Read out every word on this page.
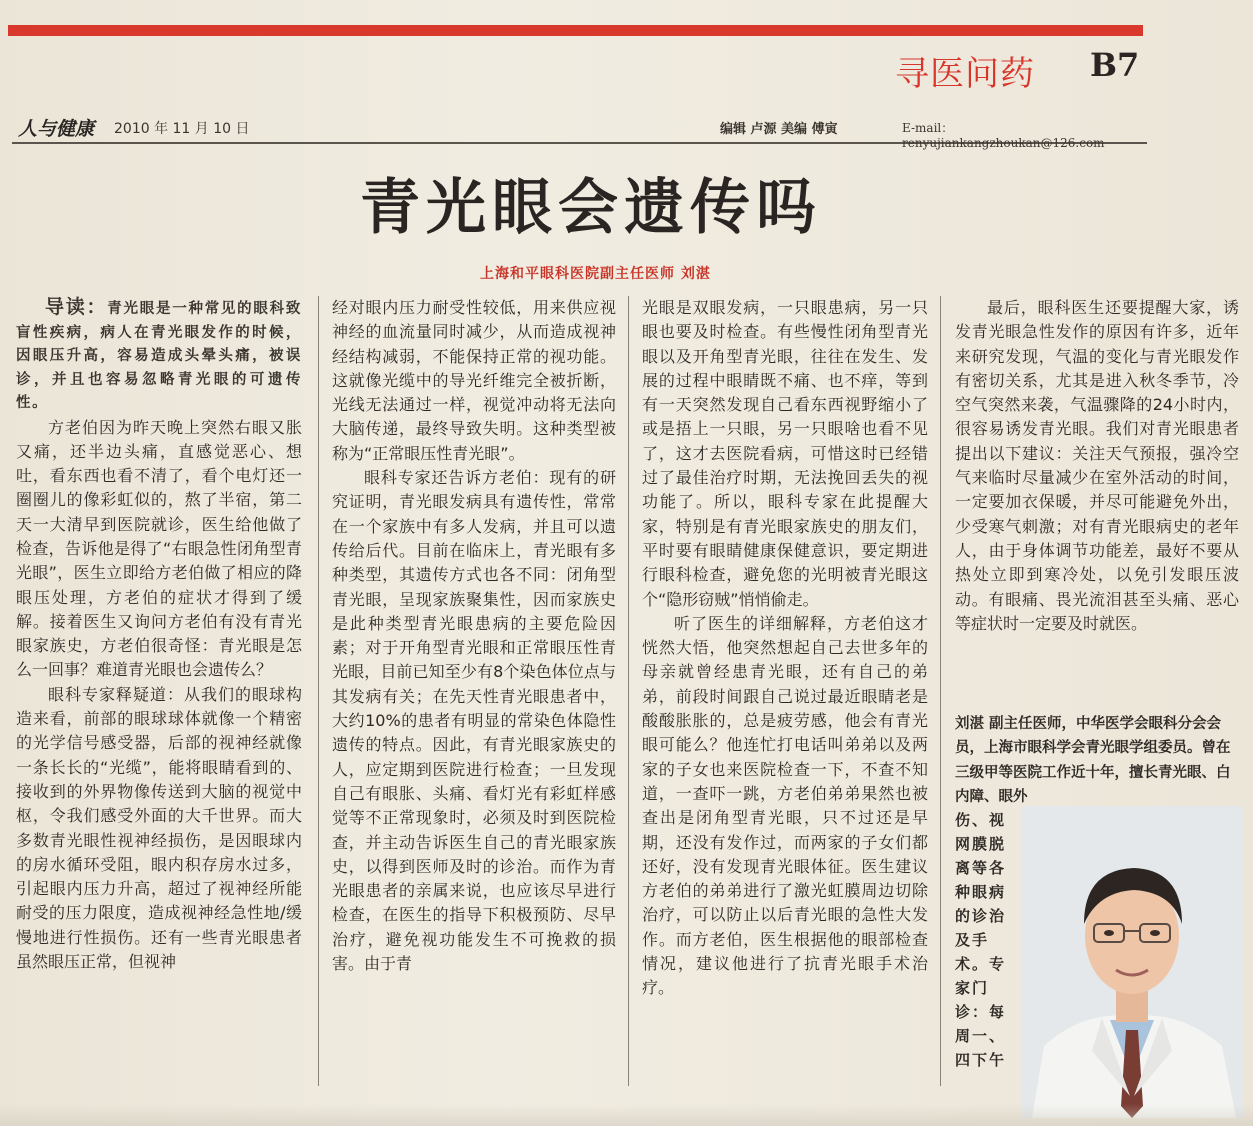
寻医问药 B7
人与健康 2010 年 11 月 10 日	编辑 卢源 美编 傅寅	E-mail：renyujiankangzhoukan@126.com
青光眼会遗传吗
上海和平眼科医院副主任医师 刘湛

导读：青光眼是一种常见的眼科致盲性疾病，病人在青光眼发作的时候，因眼压升高，容易造成头晕头痛，被误诊，并且也容易忽略青光眼的可遗传性。

方老伯因为昨天晚上突然右眼又胀又痛，还半边头痛，直感觉恶心、想吐，看东西也看不清了，看个电灯还一圈圈儿的像彩虹似的，熬了半宿，第二天一大清早到医院就诊，医生给他做了检查，告诉他是得了“右眼急性闭角型青光眼”，医生立即给方老伯做了相应的降眼压处理，方老伯的症状才得到了缓解。接着医生又询问方老伯有没有青光眼家族史，方老伯很奇怪：青光眼是怎么一回事？难道青光眼也会遗传么？

眼科专家释疑道：从我们的眼球构造来看，前部的眼球球体就像一个精密的光学信号感受器，后部的视神经就像一条长长的“光缆”，能将眼睛看到的、接收到的外界物像传送到大脑的视觉中枢，令我们感受外面的大千世界。而大多数青光眼性视神经损伤，是因眼球内的房水循环受阻，眼内积存房水过多，引起眼内压力升高，超过了视神经所能耐受的压力限度，造成视神经急性地/缓慢地进行性损伤。还有一些青光眼患者虽然眼压正常，但视神

经对眼内压力耐受性较低，用来供应视神经的血流量同时减少，从而造成视神经结构减弱，不能保持正常的视功能。这就像光缆中的导光纤维完全被折断，光线无法通过一样，视觉冲动将无法向大脑传递，最终导致失明。这种类型被称为“正常眼压性青光眼”。

眼科专家还告诉方老伯：现有的研究证明，青光眼发病具有遗传性，常常在一个家族中有多人发病，并且可以遗传给后代。目前在临床上，青光眼有多种类型，其遗传方式也各不同：闭角型青光眼，呈现家族聚集性，因而家族史是此种类型青光眼患病的主要危险因素；对于开角型青光眼和正常眼压性青光眼，目前已知至少有8个染色体位点与其发病有关；在先天性青光眼患者中，大约10%的患者有明显的常染色体隐性遗传的特点。因此，有青光眼家族史的人，应定期到医院进行检查；一旦发现自己有眼胀、头痛、看灯光有彩虹样感觉等不正常现象时，必须及时到医院检查，并主动告诉医生自己的青光眼家族史，以得到医师及时的诊治。而作为青光眼患者的亲属来说，也应该尽早进行检查，在医生的指导下积极预防、尽早治疗，避免视功能发生不可挽救的损害。由于青

光眼是双眼发病，一只眼患病，另一只眼也要及时检查。有些慢性闭角型青光眼以及开角型青光眼，往往在发生、发展的过程中眼睛既不痛、也不痒，等到有一天突然发现自己看东西视野缩小了或是捂上一只眼，另一只眼啥也看不见了，这才去医院看病，可惜这时已经错过了最佳治疗时期，无法挽回丢失的视功能了。所以，眼科专家在此提醒大家，特别是有青光眼家族史的朋友们，平时要有眼睛健康保健意识，要定期进行眼科检查，避免您的光明被青光眼这个“隐形窃贼”悄悄偷走。

听了医生的详细解释，方老伯这才恍然大悟，他突然想起自己去世多年的母亲就曾经患青光眼，还有自己的弟弟，前段时间跟自己说过最近眼睛老是酸酸胀胀的，总是疲劳感，他会有青光眼可能么？他连忙打电话叫弟弟以及两家的子女也来医院检查一下，不查不知道，一查吓一跳，方老伯弟弟果然也被查出是闭角型青光眼，只不过还是早期，还没有发作过，而两家的子女们都还好，没有发现青光眼体征。医生建议方老伯的弟弟进行了激光虹膜周边切除治疗，可以防止以后青光眼的急性大发作。而方老伯，医生根据他的眼部检查情况，建议他进行了抗青光眼手术治疗。

最后，眼科医生还要提醒大家，诱发青光眼急性发作的原因有许多，近年来研究发现，气温的变化与青光眼发作有密切关系，尤其是进入秋冬季节，冷空气突然来袭，气温骤降的24小时内，很容易诱发青光眼。我们对青光眼患者提出以下建议：关注天气预报，强冷空气来临时尽量减少在室外活动的时间，一定要加衣保暖，并尽可能避免外出，少受寒气刺激；对有青光眼病史的老年人，由于身体调节功能差，最好不要从热处立即到寒冷处，以免引发眼压波动。有眼痛、畏光流泪甚至头痛、恶心等症状时一定要及时就医。

刘湛 副主任医师，中华医学会眼科分会会员，上海市眼科学会青光眼学组委员。曾在三级甲等医院工作近十年，擅长青光眼、白内障、眼外
伤、视网膜脱离等各种眼病的诊治及手术。专家门诊：每周一、四下午
